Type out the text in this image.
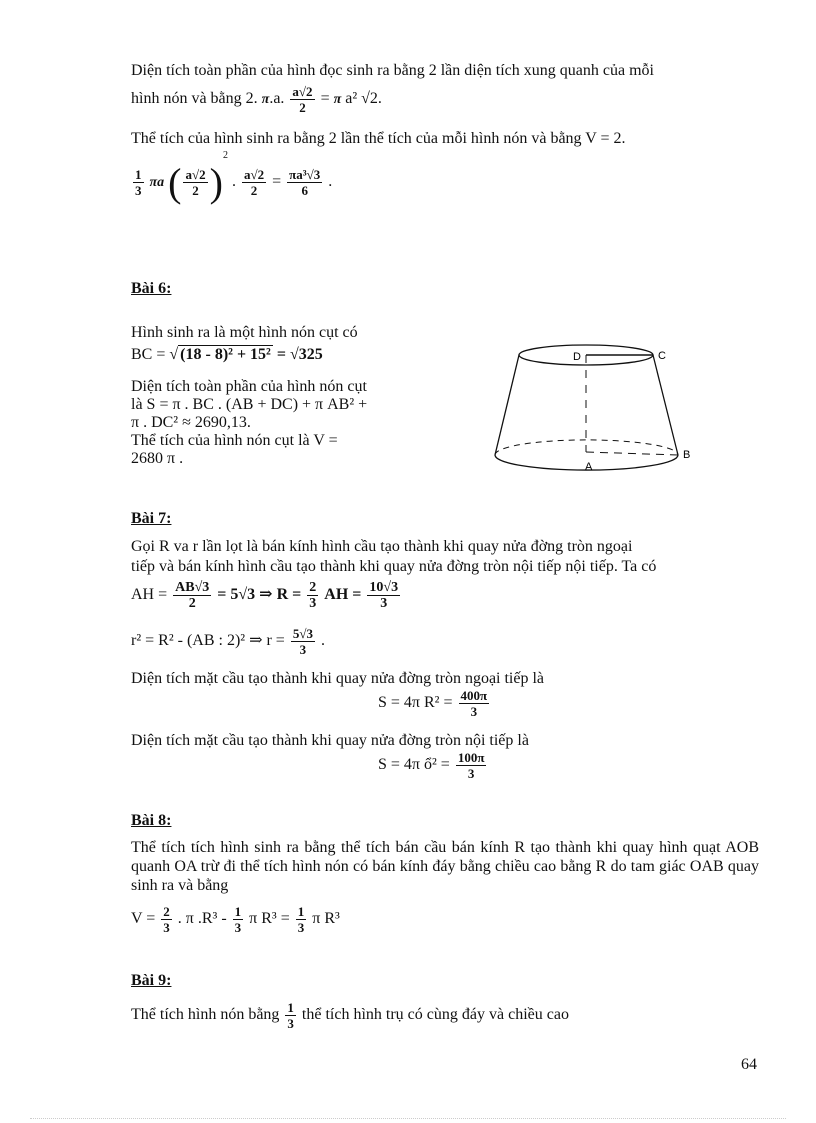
Diện tích toàn phần của hình đọc sinh ra bằng 2 lần diện tích xung quanh của mỗi
hình nón và bằng 2. π.a. $\frac{a√2}{2} = \pi$ a² √2.
Thể tích của hình sinh ra bằng 2 lần thể tích của mỗi hình nón và bằng V = 2.
$\frac{1}{3}$ πa ( $\frac{a√2}{2} )^2$ . $\frac{a√2}{2} = \frac{\text{πa³√3}}{6}$ .
Bài 6:
Hình sinh ra là một hình nón cụt có
BC = √ (18 - 8)² + 15² = √325
Diện tích toàn phần của hình nón cụt
là S = π . BC . (AB + DC) + π AB² +
π . DC² ≈ 2690,13.
Thể tích của hình nón cụt là V =
2680 π .
D	C
A
B
Bài 7:
Gọi R va r lần lọt là bán kính hình cầu tạo thành khi quay nửa đờng tròn ngoại
tiếp và bán kính hình cầu tạo thành khi quay nửa đờng tròn nội tiếp nội tiếp. Ta có
AH = $\frac{AB√3}{2} = 5√3$ ⇒ $R = \frac{2}{3}$ AH = $\frac{10√3}{3}$
r² = R² - (AB : 2)² ⇒ $r = \frac{5√3}{3}$ .
Diện tích mặt cầu tạo thành khi quay nửa đờng tròn ngoại tiếp là
S = 4π $R^2 = \frac{400\pi}{3}$
Diện tích mặt cầu tạo thành khi quay nửa đờng tròn nội tiếp là
S = 4π ổ² = $\frac{100\pi}{3}$
Bài 8:
Thể tích tích hình sinh ra bằng thể tích bán cầu bán kính R tạo thành khi quay hình quạt AOB quanh OA trừ đi thể tích hình nón có bán kính đáy bằng chiều cao bằng R do tam giác OAB quay sinh ra và bằng
$V = \frac{2}{3}$ . π $.R^3 - \frac{1}{3}$ π $R^3 = \frac{1}{3}$ π R³
Bài 9:
Thể tích hình nón bằng $\frac{1}{3}$ thể tích hình trụ có cùng đáy và chiều cao
64
